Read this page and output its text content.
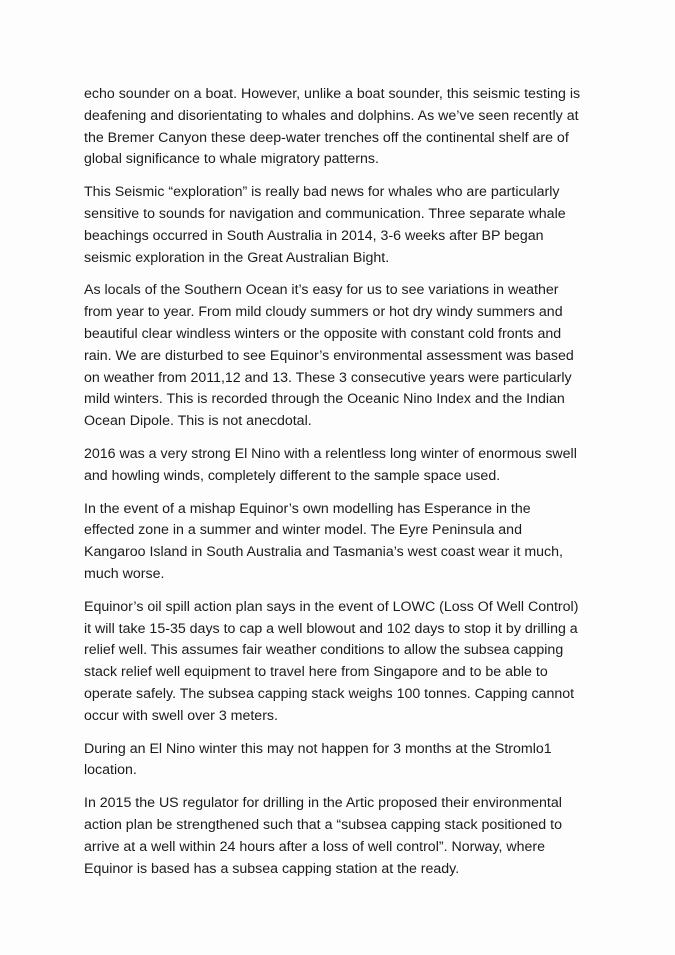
echo sounder on a boat. However, unlike a boat sounder, this seismic testing is
deafening and disorientating to whales and dolphins. As we’ve seen recently at
the Bremer Canyon these deep-water trenches off the continental shelf are of
global significance to whale migratory patterns.

This Seismic “exploration” is really bad news for whales who are particularly
sensitive to sounds for navigation and communication. Three separate whale
beachings occurred in South Australia in 2014, 3-6 weeks after BP began
seismic exploration in the Great Australian Bight.

As locals of the Southern Ocean it’s easy for us to see variations in weather
from year to year. From mild cloudy summers or hot dry windy summers and
beautiful clear windless winters or the opposite with constant cold fronts and
rain. We are disturbed to see Equinor’s environmental assessment was based
on weather from 2011,12 and 13. These 3 consecutive years were particularly
mild winters. This is recorded through the Oceanic Nino Index and the Indian
Ocean Dipole. This is not anecdotal.

2016 was a very strong El Nino with a relentless long winter of enormous swell
and howling winds, completely different to the sample space used.

In the event of a mishap Equinor’s own modelling has Esperance in the
effected zone in a summer and winter model. The Eyre Peninsula and
Kangaroo Island in South Australia and Tasmania’s west coast wear it much,
much worse.

Equinor’s oil spill action plan says in the event of LOWC (Loss Of Well Control)
it will take 15-35 days to cap a well blowout and 102 days to stop it by drilling a
relief well. This assumes fair weather conditions to allow the subsea capping
stack relief well equipment to travel here from Singapore and to be able to
operate safely. The subsea capping stack weighs 100 tonnes. Capping cannot
occur with swell over 3 meters.

During an El Nino winter this may not happen for 3 months at the Stromlo1
location.

In 2015 the US regulator for drilling in the Artic proposed their environmental
action plan be strengthened such that a “subsea capping stack positioned to
arrive at a well within 24 hours after a loss of well control”. Norway, where
Equinor is based has a subsea capping station at the ready.
